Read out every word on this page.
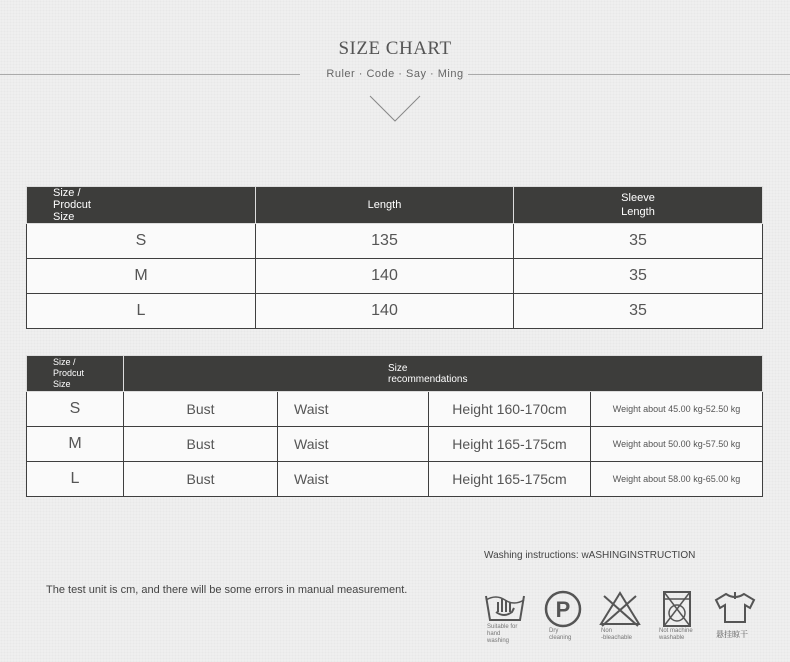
SIZE CHART
Ruler · Code · Say · Ming
Size /
Prodcut
Size	Length	Sleeve
Length
S	135	35
M	140	35
L	140	35
Size /
Prodcut
Size	Size
recommendations			
S	Bust	Waist	Height 160-170cm	Weight about 45.00 kg-52.50 kg
M	Bust	Waist	Height 165-175cm	Weight about 50.00 kg-57.50 kg
L	Bust	Waist	Height 165-175cm	Weight about 58.00 kg-65.00 kg
The test unit is cm, and there will be some errors in manual measurement.
Washing instructions: wASHINGINSTRUCTION
Suitable for
hand
washing
P
Dry
cleaning
Non
-bleachable
Not machine
washable	悬挂晾干
